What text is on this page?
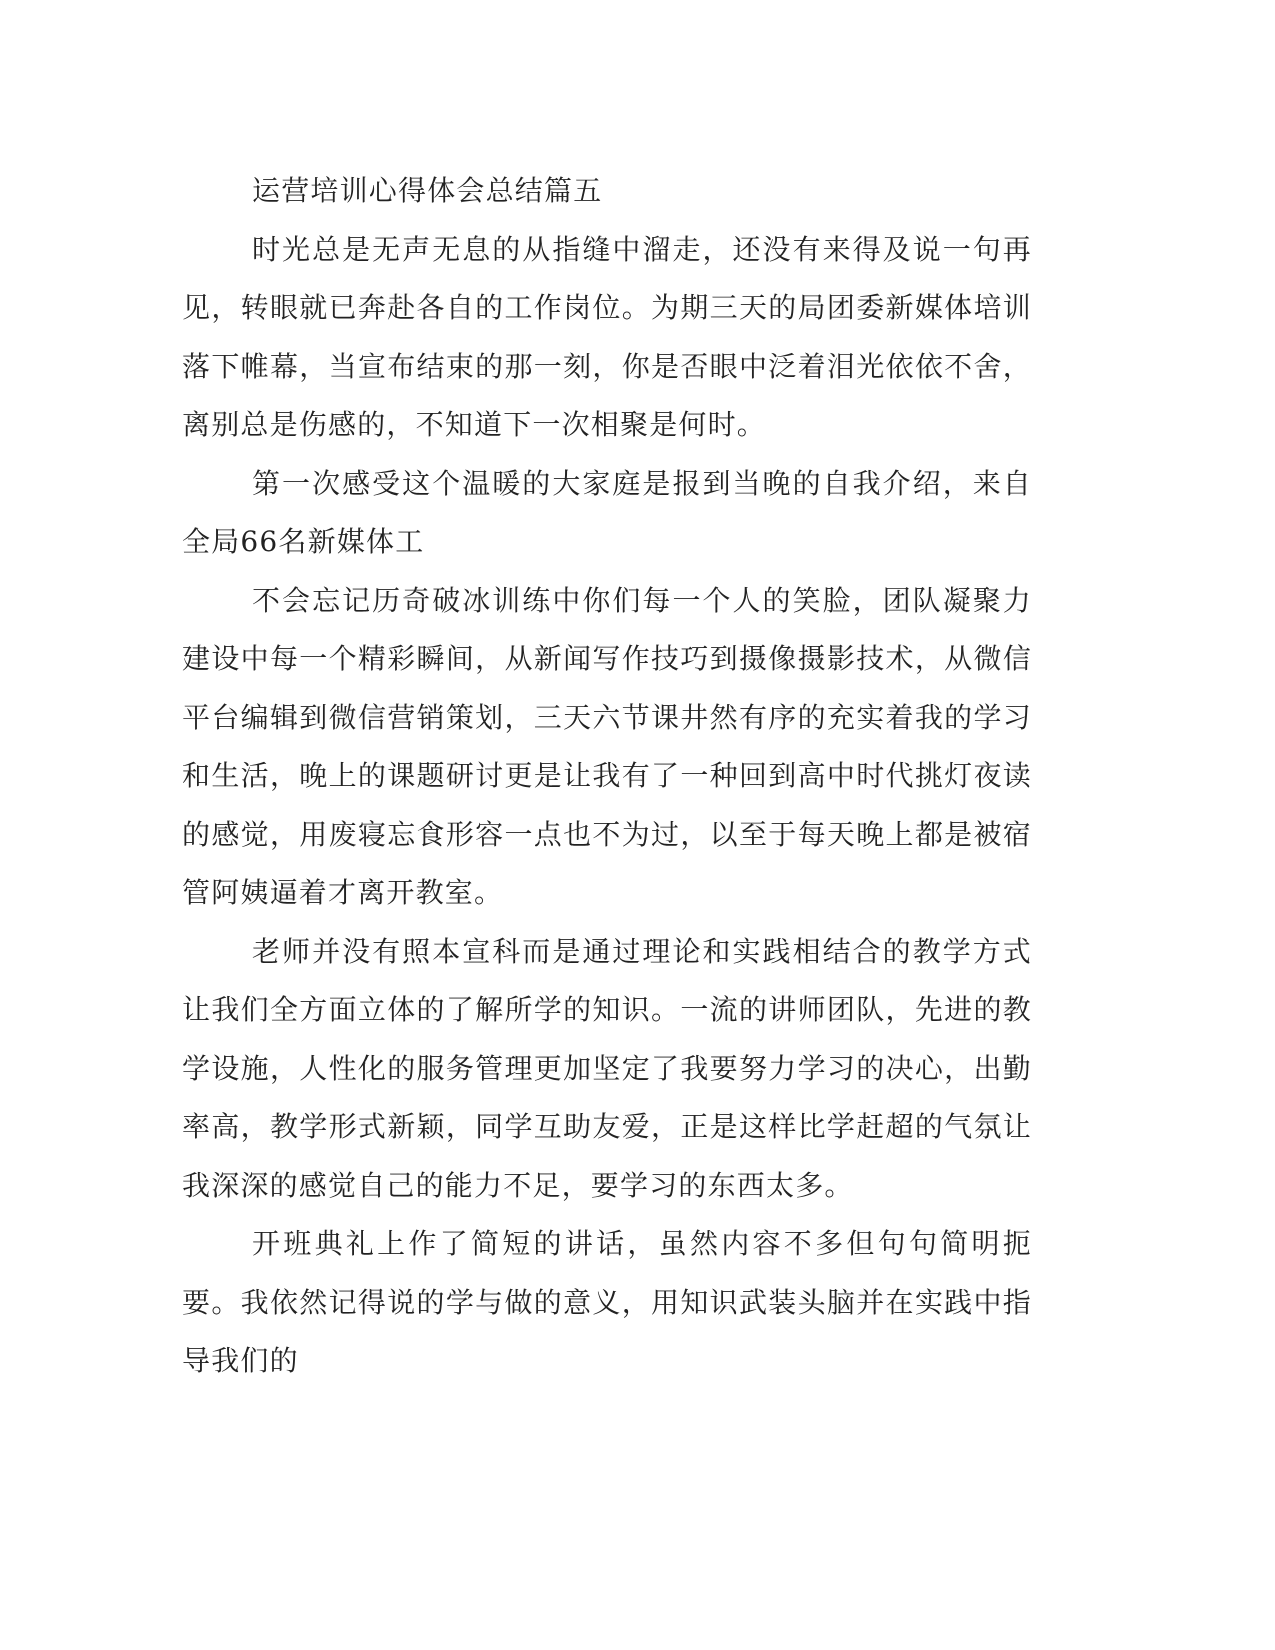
运营培训心得体会总结篇五

时光总是无声无息的从指缝中溜走，还没有来得及说一句再见，转眼就已奔赴各自的工作岗位。为期三天的局团委新媒体培训落下帷幕，当宣布结束的那一刻，你是否眼中泛着泪光依依不舍，离别总是伤感的，不知道下一次相聚是何时。

第一次感受这个温暖的大家庭是报到当晚的自我介绍，来自全局66名新媒体工

不会忘记历奇破冰训练中你们每一个人的笑脸，团队凝聚力建设中每一个精彩瞬间，从新闻写作技巧到摄像摄影技术，从微信平台编辑到微信营销策划，三天六节课井然有序的充实着我的学习和生活，晚上的课题研讨更是让我有了一种回到高中时代挑灯夜读的感觉，用废寝忘食形容一点也不为过，以至于每天晚上都是被宿管阿姨逼着才离开教室。

老师并没有照本宣科而是通过理论和实践相结合的教学方式让我们全方面立体的了解所学的知识。一流的讲师团队，先进的教学设施，人性化的服务管理更加坚定了我要努力学习的决心，出勤率高，教学形式新颖，同学互助友爱，正是这样比学赶超的气氛让我深深的感觉自己的能力不足，要学习的东西太多。

开班典礼上作了简短的讲话，虽然内容不多但句句简明扼要。我依然记得说的学与做的意义，用知识武装头脑并在实践中指导我们的
